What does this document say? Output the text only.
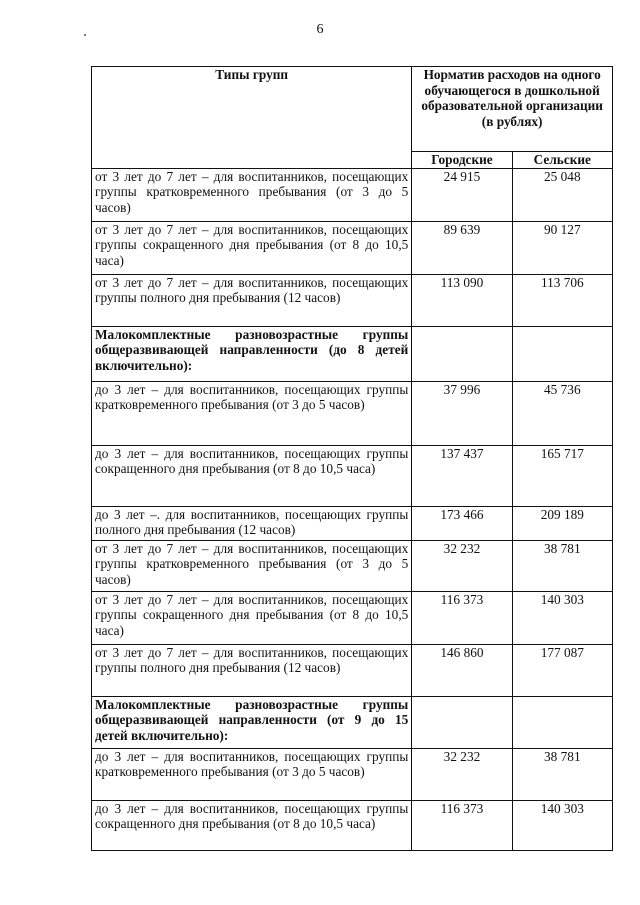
6
Типы групп	Норматив расходов на одного обучающегося в дошкольной образовательной организации (в рублях)	
	Городские	Сельские
от 3 лет до 7 лет – для воспитанников, посещающих группы кратковременного пребывания (от 3 до 5 часов)	24 915	25 048
от 3 лет до 7 лет – для воспитанников, посещающих группы сокращенного дня пребывания (от 8 до 10,5 часа)	89 639	90 127
от 3 лет до 7 лет – для воспитанников, посещающих группы полного дня пребывания (12 часов)	113 090	113 706
Малокомплектные разновозрастные группы общеразвивающей направленности (до 8 детей включительно):		
до 3 лет – для воспитанников, посещающих группы кратковременного пребывания (от 3 до 5 часов)	37 996	45 736
до 3 лет – для воспитанников, посещающих группы сокращенного дня пребывания (от 8 до 10,5 часа)	137 437	165 717
до 3 лет –. для воспитанников, посещающих группы полного дня пребывания (12 часов)	173 466	209 189
от 3 лет до 7 лет – для воспитанников, посещающих группы кратковременного пребывания (от 3 до 5 часов)	32 232	38 781
от 3 лет до 7 лет – для воспитанников, посещающих группы сокращенного дня пребывания (от 8 до 10,5 часа)	116 373	140 303
от 3 лет до 7 лет – для воспитанников, посещающих группы полного дня пребывания (12 часов)	146 860	177 087
Малокомплектные разновозрастные группы общеразвивающей направленности (от 9 до 15 детей включительно):		
до 3 лет – для воспитанников, посещающих группы кратковременного пребывания (от 3 до 5 часов)	32 232	38 781
до 3 лет – для воспитанников, посещающих группы сокращенного дня пребывания (от 8 до 10,5 часа)	116 373	140 303
